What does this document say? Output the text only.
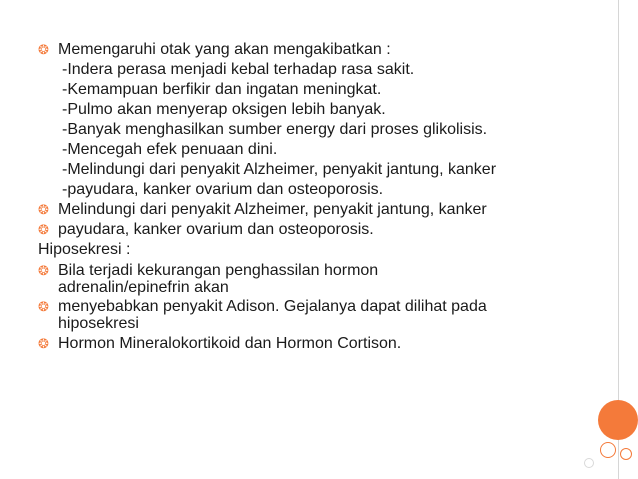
❂ Memengaruhi otak yang akan mengakibatkan :
-Indera perasa menjadi kebal terhadap rasa sakit.
-Kemampuan berfikir dan ingatan meningkat.
-Pulmo akan menyerap oksigen lebih banyak.
-Banyak menghasilkan sumber energy dari proses glikolisis.
-Mencegah efek penuaan dini.
-Melindungi dari penyakit Alzheimer, penyakit jantung, kanker
-payudara, kanker ovarium dan osteoporosis.
❂ Melindungi dari penyakit Alzheimer, penyakit jantung, kanker
❂ payudara, kanker ovarium dan osteoporosis.
Hiposekresi :
❂ Bila terjadi kekurangan penghassilan hormon adrenalin/epinefrin akan
❂ menyebabkan penyakit Adison. Gejalanya dapat dilihat pada hiposekresi
❂ Hormon Mineralokortikoid dan Hormon Cortison.
